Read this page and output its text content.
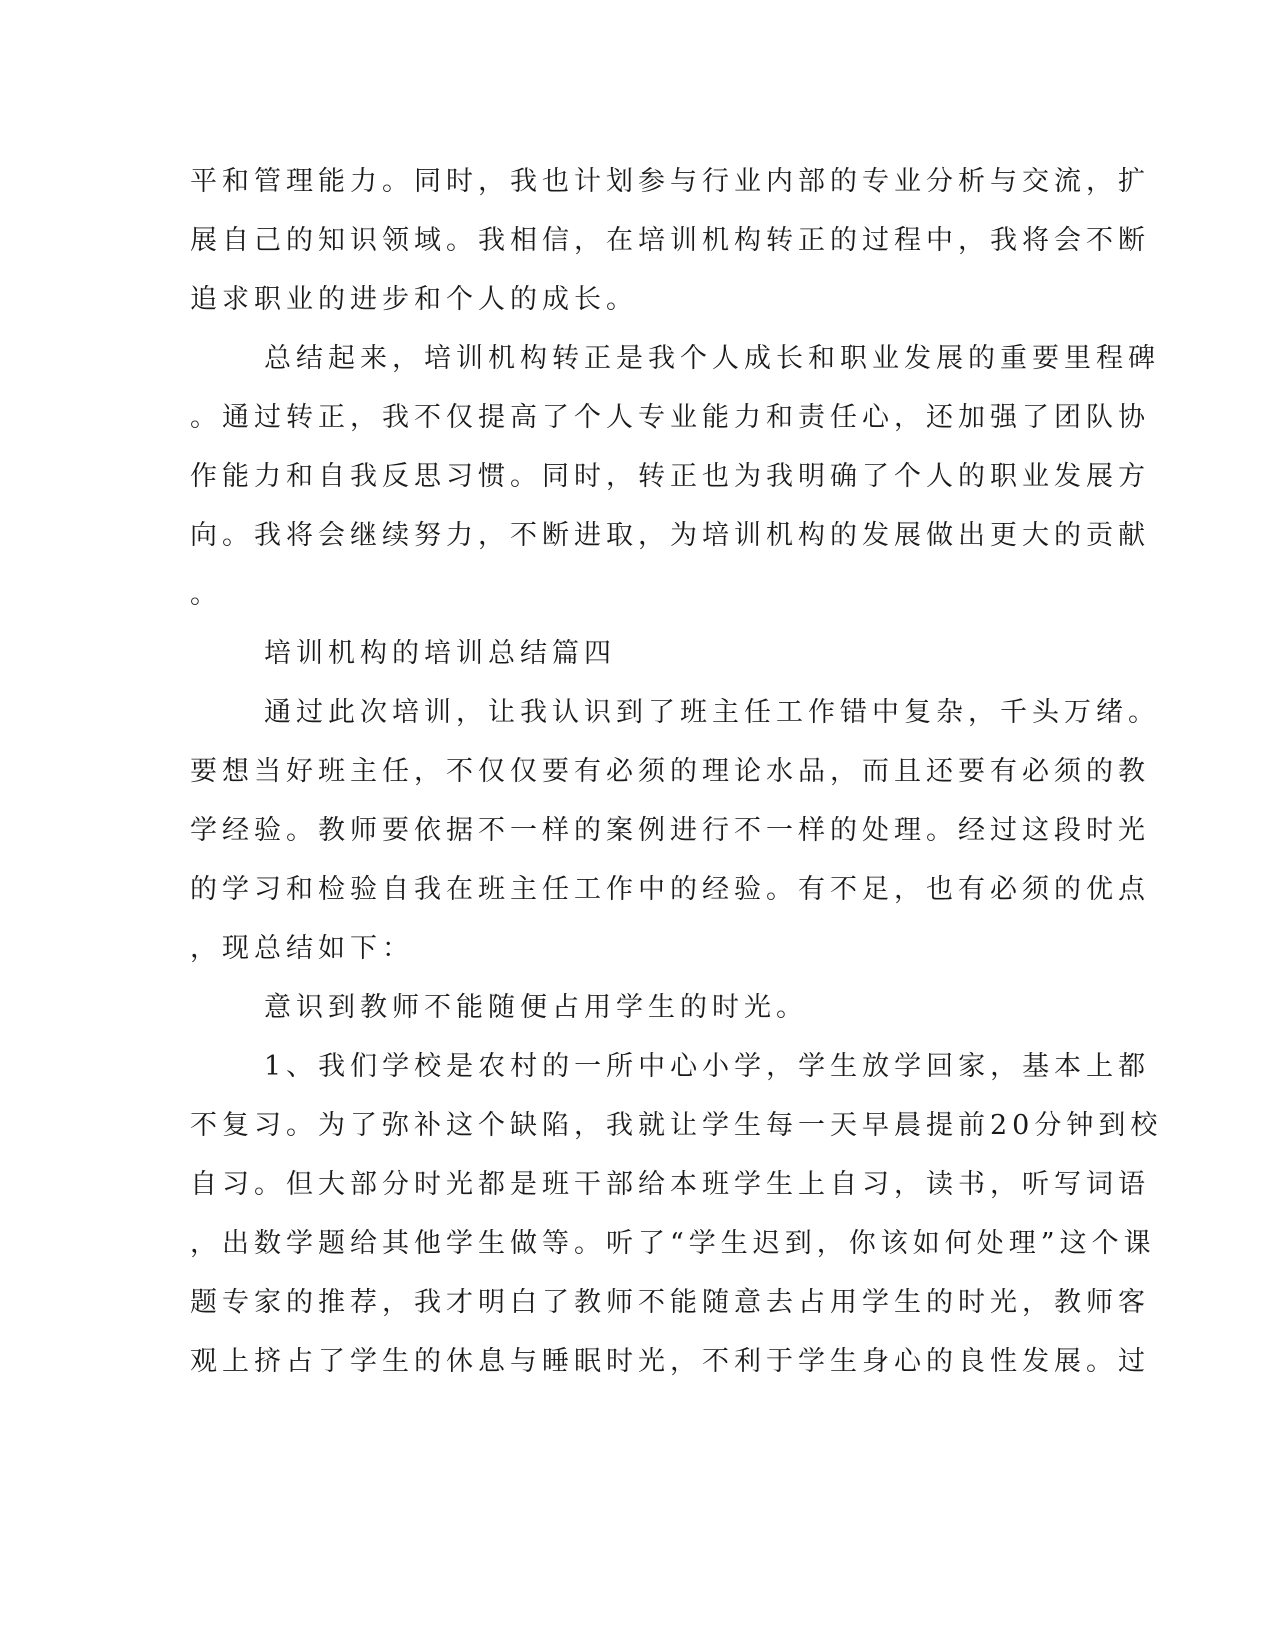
平和管理能力。同时，我也计划参与行业内部的专业分析与交流，扩
展自己的知识领域。我相信，在培训机构转正的过程中，我将会不断
追求职业的进步和个人的成长。
总结起来，培训机构转正是我个人成长和职业发展的重要里程碑
。通过转正，我不仅提高了个人专业能力和责任心，还加强了团队协
作能力和自我反思习惯。同时，转正也为我明确了个人的职业发展方
向。我将会继续努力，不断进取，为培训机构的发展做出更大的贡献
。
培训机构的培训总结篇四
通过此次培训，让我认识到了班主任工作错中复杂，千头万绪。
要想当好班主任，不仅仅要有必须的理论水品，而且还要有必须的教
学经验。教师要依据不一样的案例进行不一样的处理。经过这段时光
的学习和检验自我在班主任工作中的经验。有不足，也有必须的优点
，现总结如下：
意识到教师不能随便占用学生的时光。
1、我们学校是农村的一所中心小学，学生放学回家，基本上都
不复习。为了弥补这个缺陷，我就让学生每一天早晨提前20分钟到校
自习。但大部分时光都是班干部给本班学生上自习，读书，听写词语
，出数学题给其他学生做等。听了“学生迟到，你该如何处理”这个课
题专家的推荐，我才明白了教师不能随意去占用学生的时光，教师客
观上挤占了学生的休息与睡眠时光，不利于学生身心的良性发展。过
